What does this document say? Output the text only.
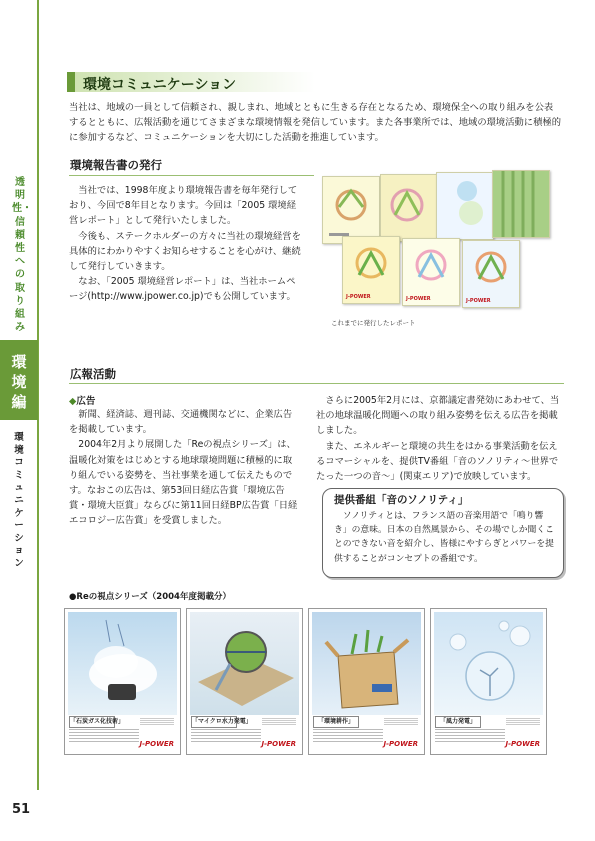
透明性・信頼性への取り組み
環境編
環境コミュニケーション
51
環境コミュニケーション
当社は、地域の一員として信頼され、親しまれ、地域とともに生きる存在となるため、環境保全への取り組みを公表するとともに、広報活動を通じてさまざまな環境情報を発信しています。また各事業所では、地域の環境活動に積極的に参加するなど、コミュニケーションを大切にした活動を推進しています。
環境報告書の発行

当社では、1998年度より環境報告書を毎年発行しており、今回で8年目となります。今回は「2005 環境経営レポート」として発行いたしました。

今後も、ステークホルダーの方々に当社の環境経営を具体的にわかりやすくお知らせすることを心がけ、継続して発行していきます。

なお、「2005 環境経営レポート」は、当社ホームページ(http://www.jpower.co.jp)でも公開しています。	J-POWER	J-POWER	J-POWER
これまでに発行したレポート
広報活動
◆広告

新聞、経済誌、週刊誌、交通機関などに、企業広告を掲載しています。

2004年2月より展開した「Reの視点シリーズ」は、温暖化対策をはじめとする地球環境問題に積極的に取り組んでいる姿勢を、当社事業を通して伝えたものです。なおこの広告は、第53回日経広告賞「環境広告賞・環境大臣賞」ならびに第11回日経BP広告賞「日経エコロジー広告賞」を受賞しました。

さらに2005年2月には、京都議定書発効にあわせて、当社の地球温暖化問題への取り組み姿勢を伝える広告を掲載しました。

また、エネルギーと環境の共生をはかる事業活動を伝えるコマーシャルを、提供TV番組「音のソノリティ〜世界でたった一つの音〜」(関東エリア)で放映しています。

提供番組「音のソノリティ」

ソノリティとは、フランス語の音楽用語で「鳴り響き」の意味。日本の自然風景から、その場でしか聞くことのできない音を紹介し、皆様にやすらぎとパワーを提供することがコンセプトの番組です。

●Reの視点シリーズ（2004年度掲載分）
「石炭ガス化技術」
J-POWER
「マイクロ水力発電」
J-POWER
「環境耕作」
J-POWER
「風力発電」
J-POWER
